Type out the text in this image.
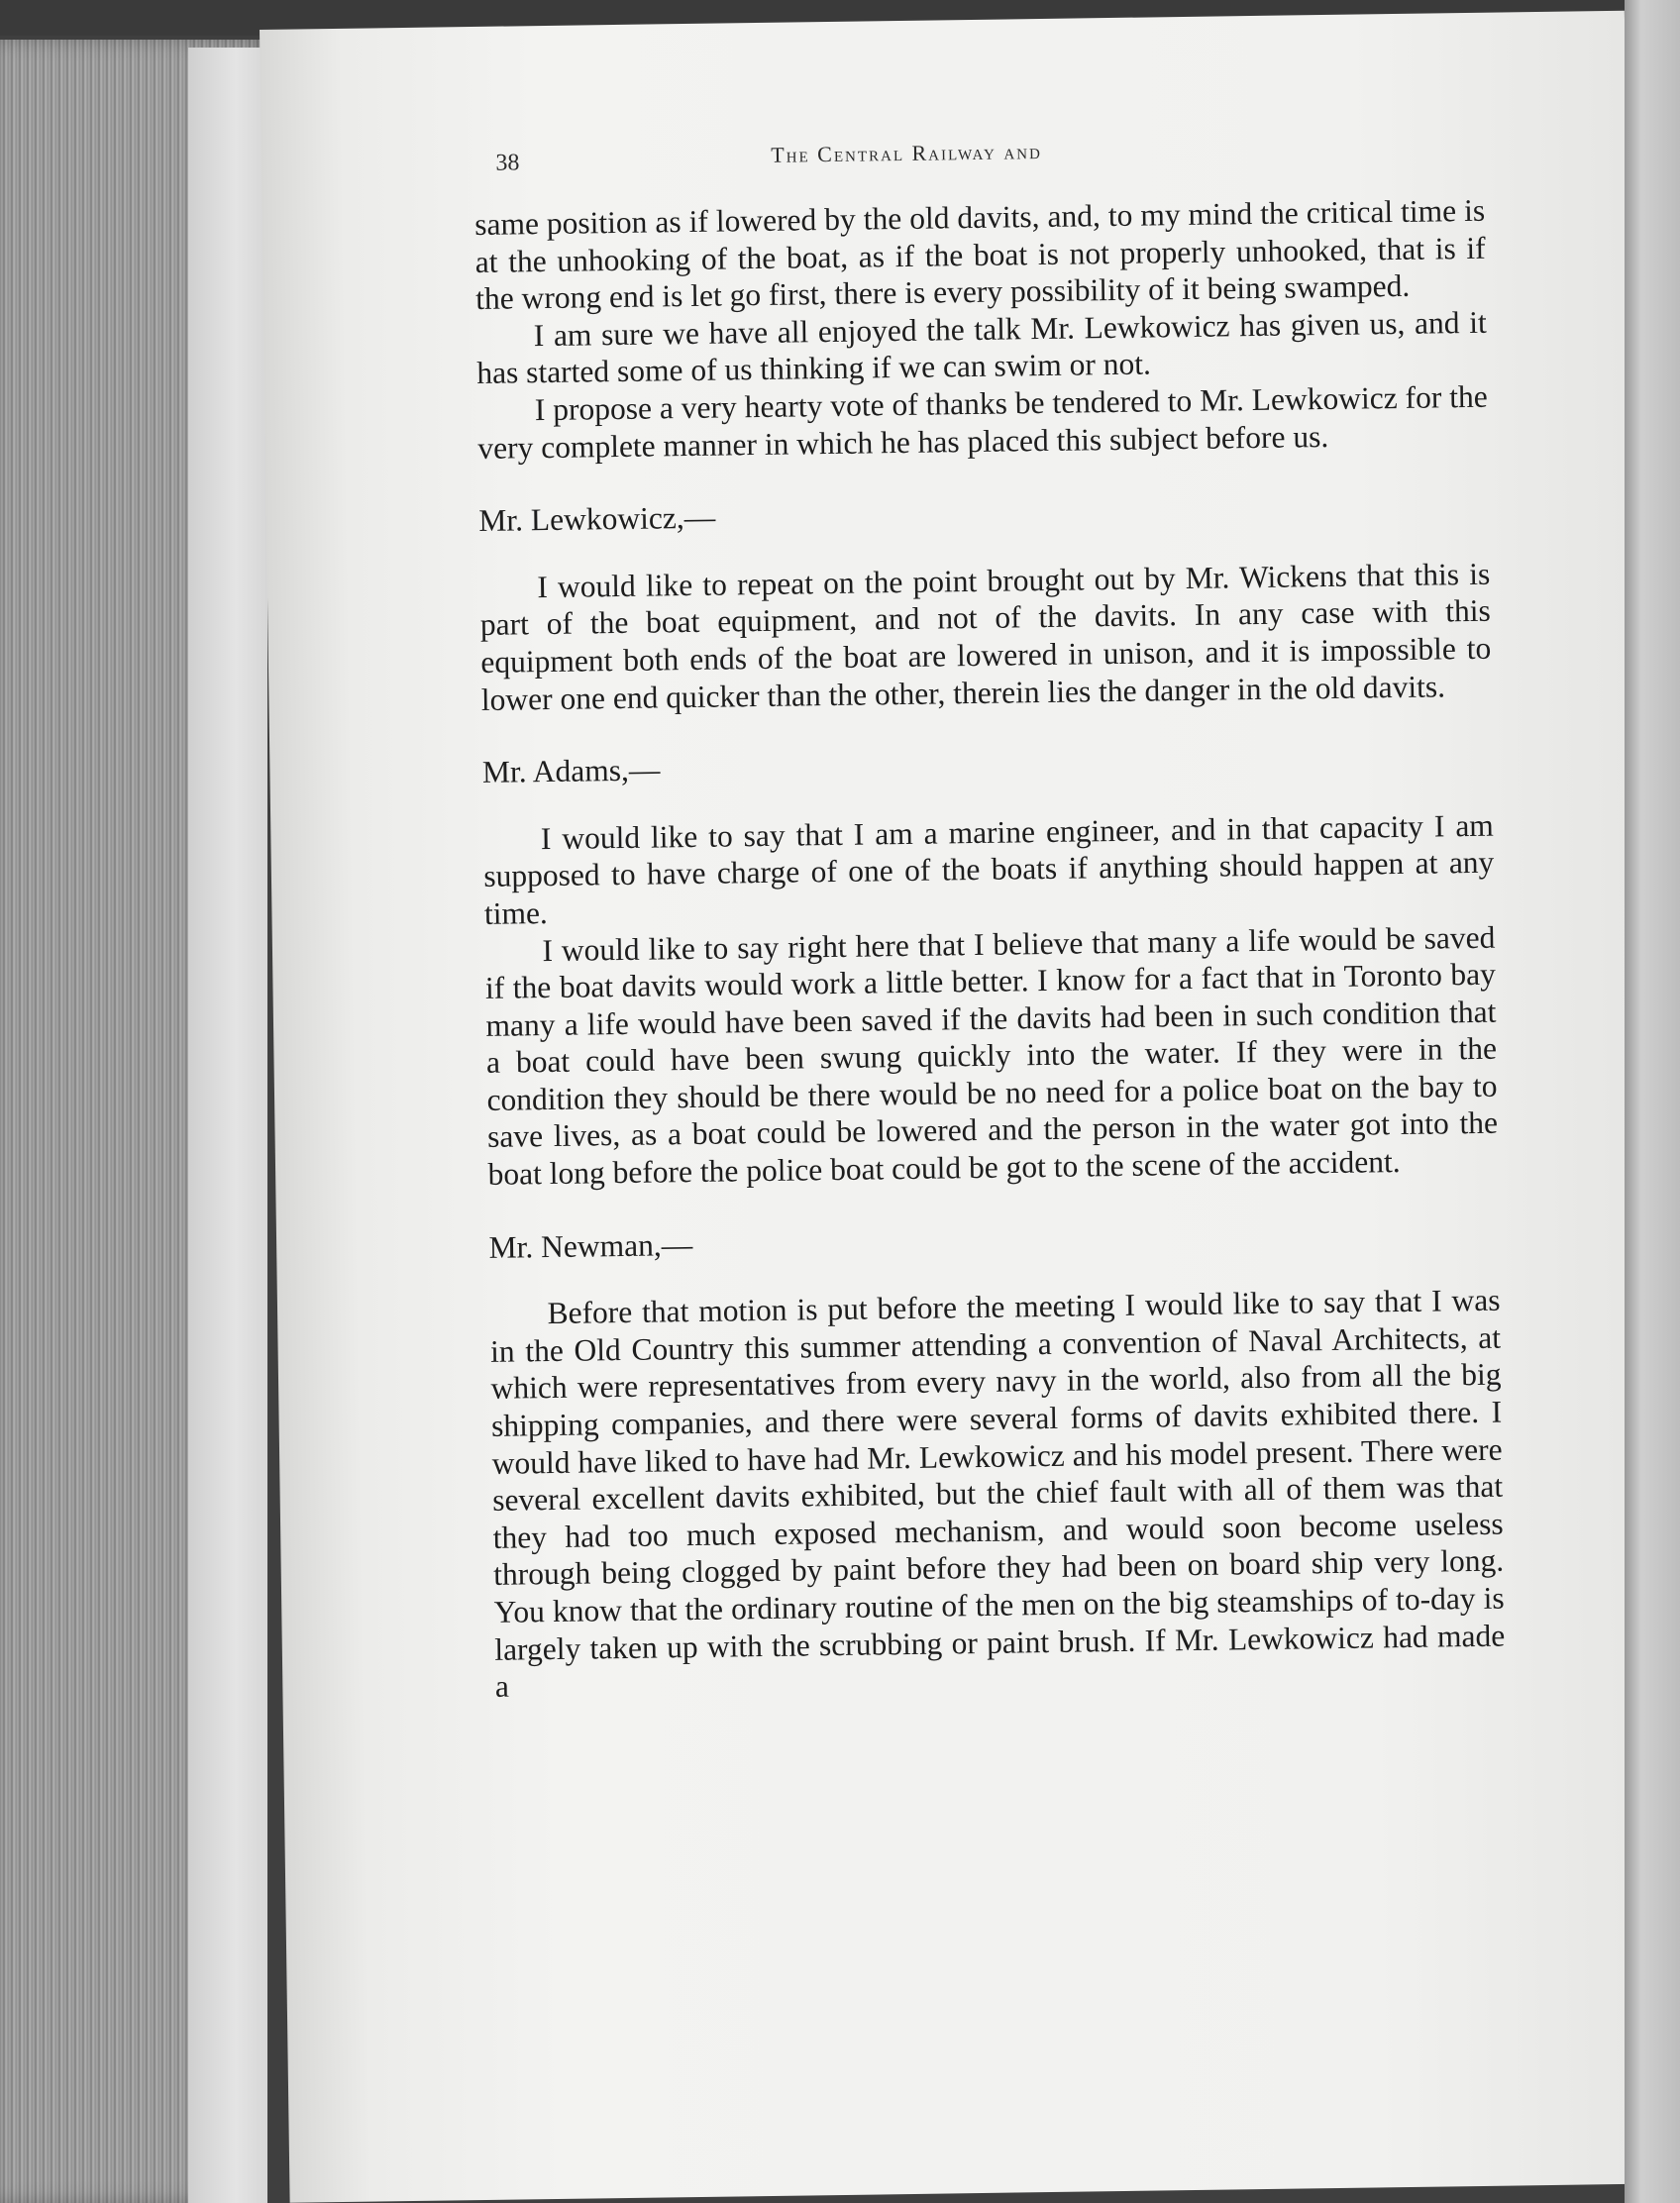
38	The Central Railway and

same position as if lowered by the old davits, and, to my mind the critical time is at the unhooking of the boat, as if the boat is not properly unhooked, that is if the wrong end is let go first, there is every possibility of it being swamped.

I am sure we have all enjoyed the talk Mr. Lewkowicz has given us, and it has started some of us thinking if we can swim or not.

I propose a very hearty vote of thanks be tendered to Mr. Lewkowicz for the very complete manner in which he has placed this subject before us.

Mr. Lewkowicz,—

I would like to repeat on the point brought out by Mr. Wickens that this is part of the boat equipment, and not of the davits. In any case with this equipment both ends of the boat are lowered in unison, and it is impossible to lower one end quicker than the other, therein lies the danger in the old davits.

Mr. Adams,—

I would like to say that I am a marine engineer, and in that capacity I am supposed to have charge of one of the boats if anything should happen at any time.

I would like to say right here that I believe that many a life would be saved if the boat davits would work a little better. I know for a fact that in Toronto bay many a life would have been saved if the davits had been in such condition that a boat could have been swung quickly into the water. If they were in the condition they should be there would be no need for a police boat on the bay to save lives, as a boat could be lowered and the person in the water got into the boat long before the police boat could be got to the scene of the accident.

Mr. Newman,—

Before that motion is put before the meeting I would like to say that I was in the Old Country this summer attending a convention of Naval Architects, at which were representatives from every navy in the world, also from all the big shipping companies, and there were several forms of davits exhibited there. I would have liked to have had Mr. Lewkowicz and his model present. There were several excellent davits exhibited, but the chief fault with all of them was that they had too much exposed mechanism, and would soon become useless through being clogged by paint before they had been on board ship very long. You know that the ordinary routine of the men on the big steamships of to-day is largely taken up with the scrubbing or paint brush. If Mr. Lewkowicz had made a
